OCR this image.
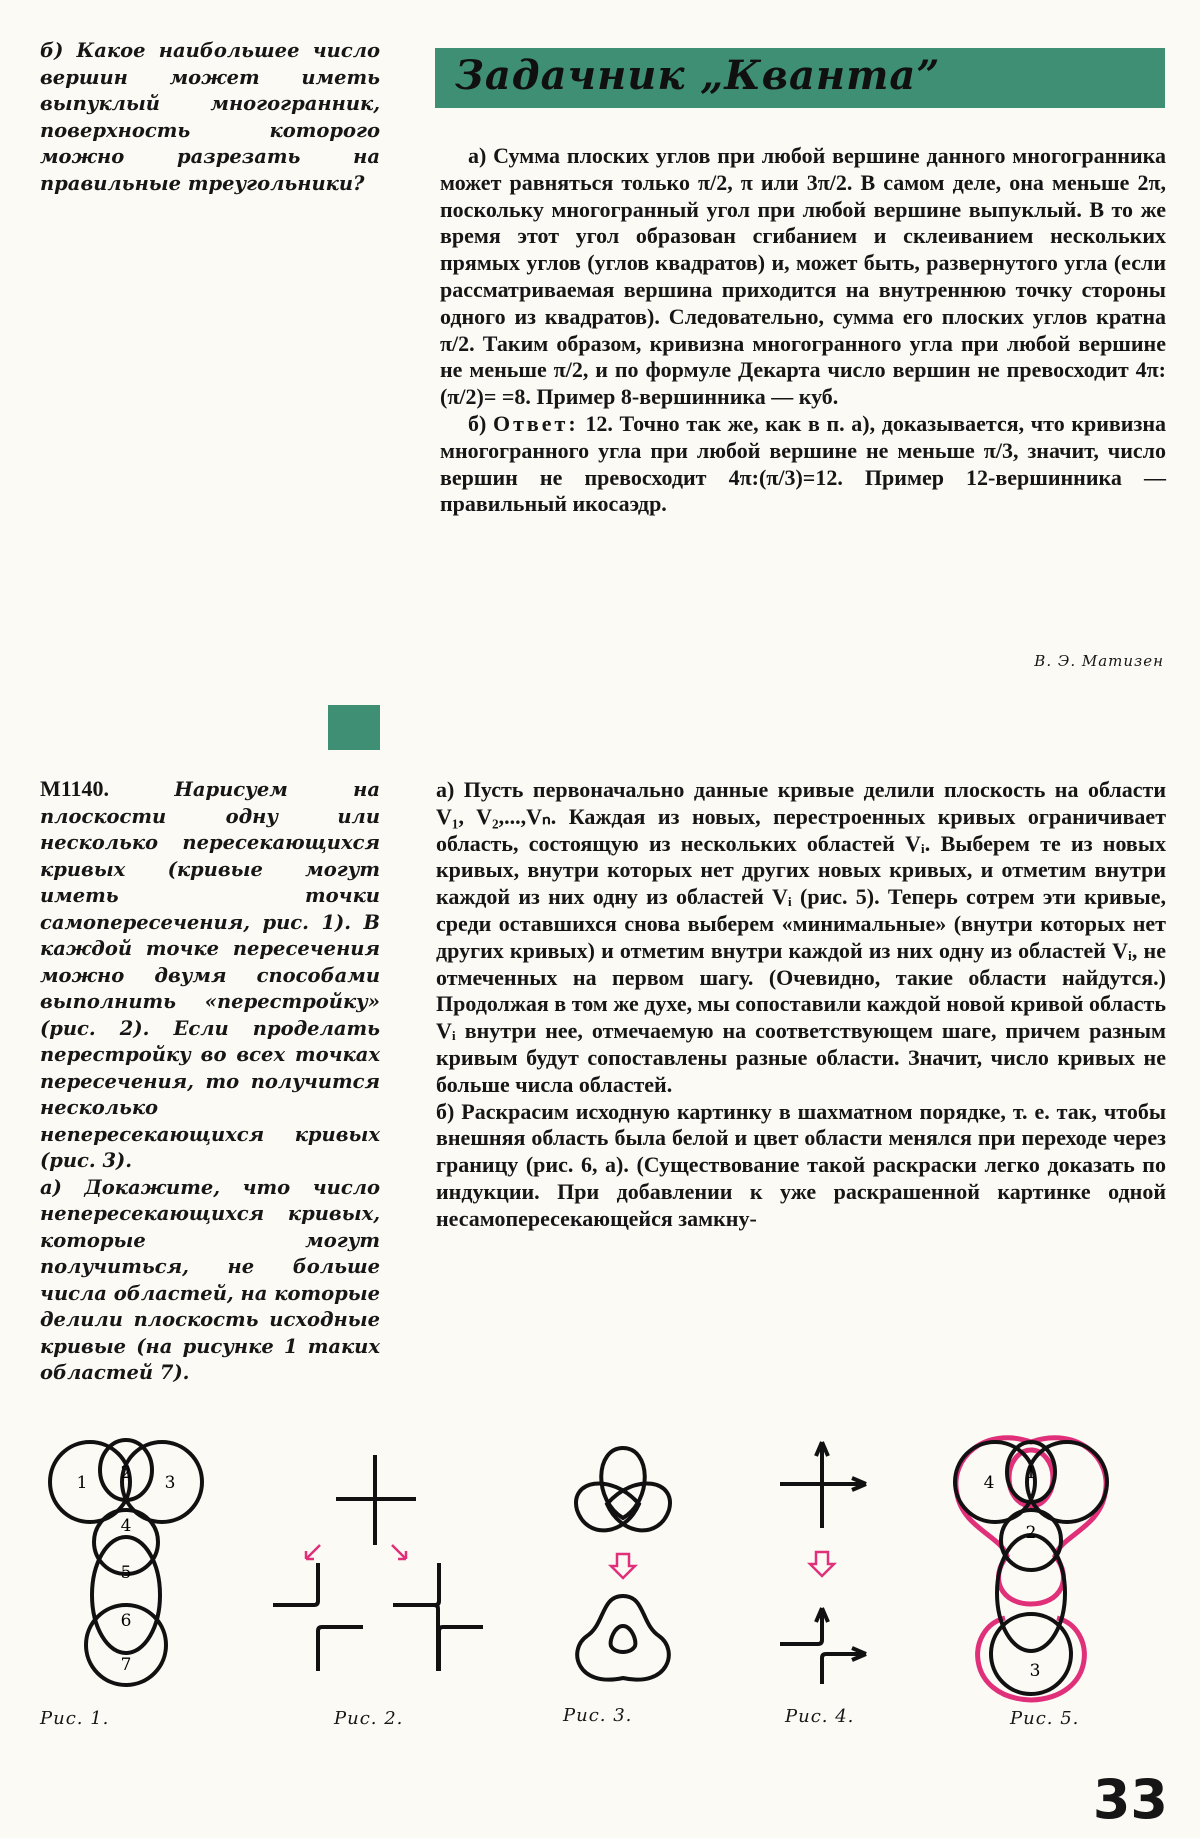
б) Какое наибольшее число вершин может иметь выпуклый многогранник, поверхность которого можно разрезать на правильные треугольники?

Задачник „Кванта”

а) Сумма плоских углов при любой вершине данного многогранника может равняться только π/2, π или 3π/2. В самом деле, она меньше 2π, поскольку многогранный угол при любой вершине выпуклый. В то же время этот угол образован сгибанием и склеиванием нескольких прямых углов (углов квадратов) и, может быть, развернутого угла (если рассматриваемая вершина приходится на внутреннюю точку стороны одного из квадратов). Следовательно, сумма его плоских углов кратна π/2. Таким образом, кривизна многогранного угла при любой вершине не меньше π/2, и по формуле Декарта число вершин не превосходит 4π:(π/2)= =8. Пример 8-вершинника — куб.

б) Ответ: 12. Точно так же, как в п. а), доказывается, что кривизна многогранного угла при любой вершине не меньше π/3, значит, число вершин не превосходит 4π:(π/3)=12. Пример 12-вершинника — правильный икосаэдр.

В. Э. Матизен

М1140. Нарисуем на плоскости одну или несколько пересекающихся кривых (кривые могут иметь точки самопересечения, рис. 1). В каждой точке пересечения можно двумя способами выполнить «перестройку» (рис. 2). Если проделать перестройку во всех точках пересечения, то получится несколько непересекающихся кривых (рис. 3).

а) Докажите, что число непересекающихся кривых, которые могут получиться, не больше числа областей, на которые делили плоскость исходные кривые (на рисунке 1 таких областей 7).

а) Пусть первоначально данные кривые делили плоскость на области V₁, V₂,...,Vₙ. Каждая из новых, перестроенных кривых ограничивает область, состоящую из нескольких областей Vᵢ. Выберем те из новых кривых, внутри которых нет других новых кривых, и отметим внутри каждой из них одну из областей Vᵢ (рис. 5). Теперь сотрем эти кривые, среди оставшихся снова выберем «минимальные» (внутри которых нет других кривых) и отметим внутри каждой из них одну из областей Vᵢ, не отмеченных на первом шагу. (Очевидно, такие области найдутся.) Продолжая в том же духе, мы сопоставили каждой новой кривой область Vᵢ внутри нее, отмечаемую на соответствующем шаге, причем разным кривым будут сопоставлены разные области. Значит, число кривых не больше числа областей.

б) Раскрасим исходную картинку в шахматном порядке, т. е. так, чтобы внешняя область была белой и цвет области менялся при переходе через границу (рис. 6, а). (Существование такой раскраски легко доказать по индукции. При добавлении к уже раскрашенной картинке одной несамопересекающейся замкну-

1 2 3
4
5
6
7
1
2
3
4
Рис. 1.	Рис. 2.	Рис. 3.	Рис. 4.	Рис. 5.
33
